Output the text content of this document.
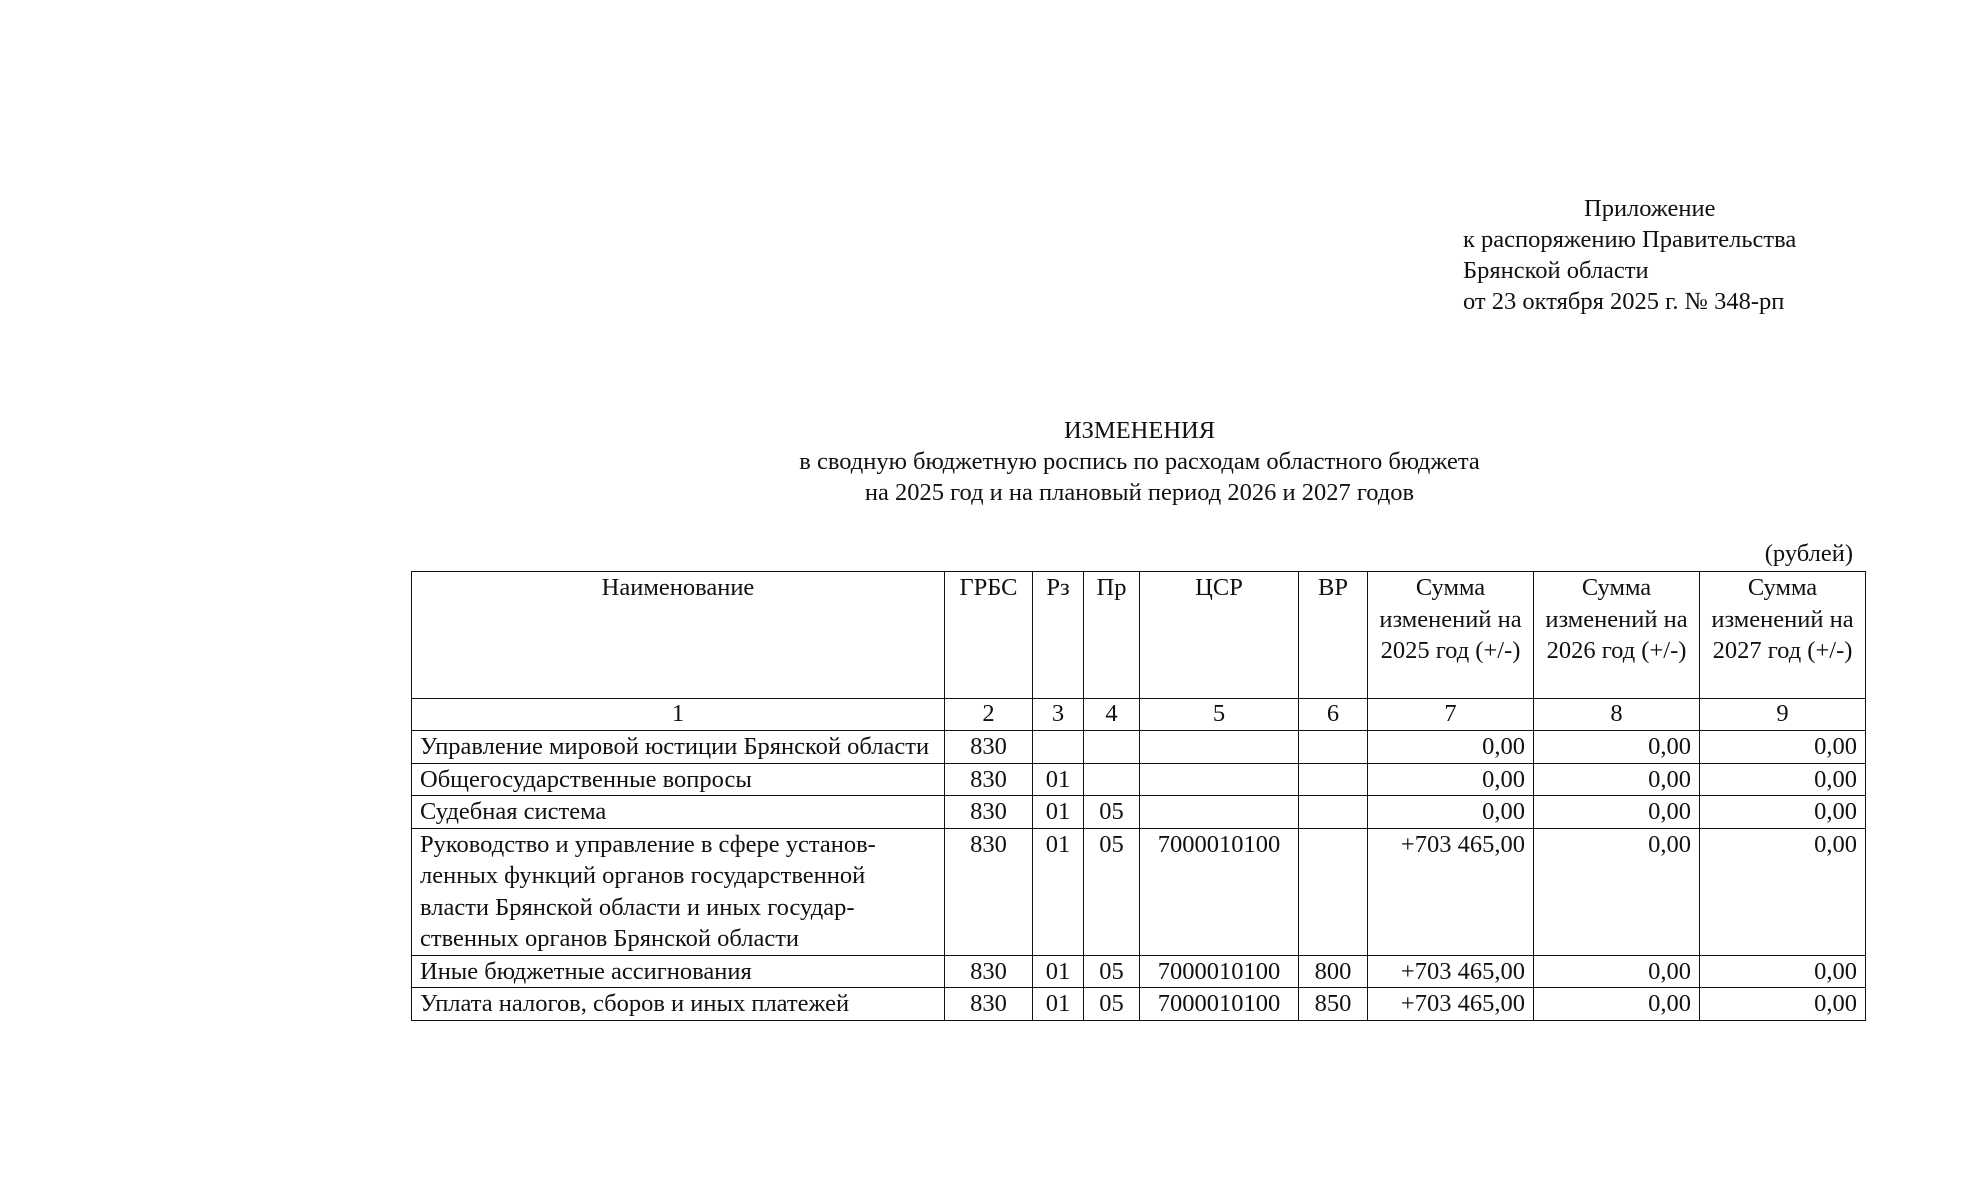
Приложение
к распоряжению Правительства
Брянской области
от 23 октября 2025 г. № 348-рп
ИЗМЕНЕНИЯ
в сводную бюджетную роспись по расходам областного бюджета
на 2025 год и на плановый период 2026 и 2027 годов
(рублей)
Наименование	ГРБС	Рз	Пр	ЦСР	ВР	Сумма изменений на 2025 год (+/-)	Сумма изменений на 2026 год (+/-)	Сумма изменений на 2027 год (+/-)
1	2	3	4	5	6	7	8	9
Управление мировой юстиции Брянской области	830					0,00	0,00	0,00
Общегосударственные вопросы	830	01				0,00	0,00	0,00
Судебная система	830	01	05			0,00	0,00	0,00
Руководство и управление в сфере установ-ленных функций органов государственной власти Брянской области и иных государ-ственных органов Брянской области	830	01	05	7000010100		+703 465,00	0,00	0,00
Иные бюджетные ассигнования	830	01	05	7000010100	800	+703 465,00	0,00	0,00
Уплата налогов, сборов и иных платежей	830	01	05	7000010100	850	+703 465,00	0,00	0,00
